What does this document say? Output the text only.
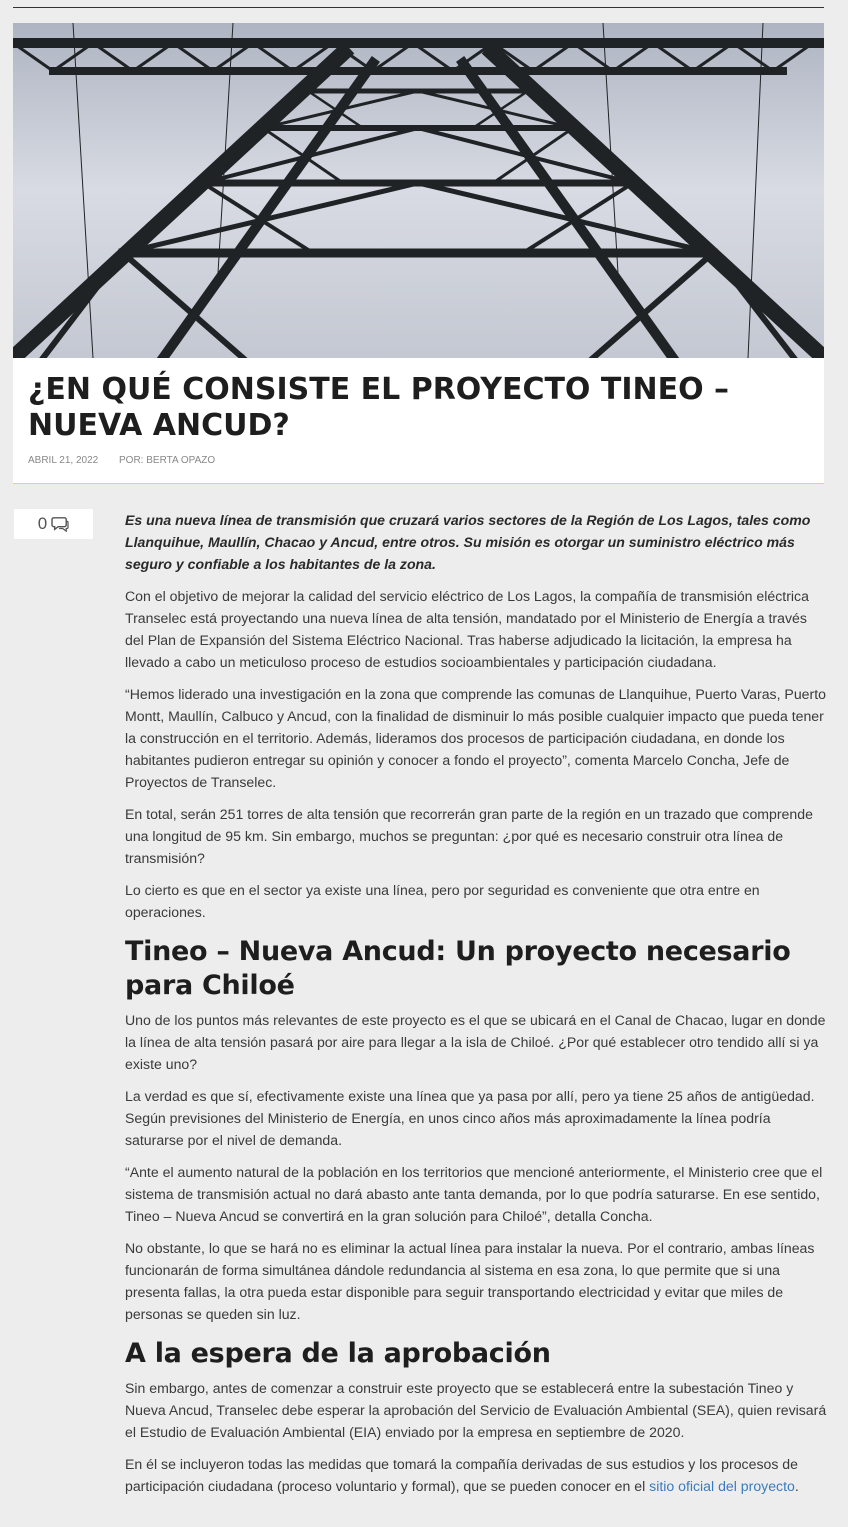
¿EN QUÉ CONSISTE EL PROYECTO TINEO – NUEVA ANCUD?
ABRIL 21, 2022 POR: BERTA OPAZO
0	Es una nueva línea de transmisión que cruzará varios sectores de la Región de Los Lagos, tales como Llanquihue, Maullín, Chacao y Ancud, entre otros. Su misión es otorgar un suministro eléctrico más seguro y confiable a los habitantes de la zona.

Con el objetivo de mejorar la calidad del servicio eléctrico de Los Lagos, la compañía de transmisión eléctrica Transelec está proyectando una nueva línea de alta tensión, mandatado por el Ministerio de Energía a través del Plan de Expansión del Sistema Eléctrico Nacional. Tras haberse adjudicado la licitación, la empresa ha llevado a cabo un meticuloso proceso de estudios socioambientales y participación ciudadana.

“Hemos liderado una investigación en la zona que comprende las comunas de Llanquihue, Puerto Varas, Puerto Montt, Maullín, Calbuco y Ancud, con la finalidad de disminuir lo más posible cualquier impacto que pueda tener la construcción en el territorio. Además, lideramos dos procesos de participación ciudadana, en donde los habitantes pudieron entregar su opinión y conocer a fondo el proyecto”, comenta Marcelo Concha, Jefe de Proyectos de Transelec.

En total, serán 251 torres de alta tensión que recorrerán gran parte de la región en un trazado que comprende una longitud de 95 km. Sin embargo, muchos se preguntan: ¿por qué es necesario construir otra línea de transmisión?

Lo cierto es que en el sector ya existe una línea, pero por seguridad es conveniente que otra entre en operaciones.

Tineo – Nueva Ancud: Un proyecto necesario para Chiloé

Uno de los puntos más relevantes de este proyecto es el que se ubicará en el Canal de Chacao, lugar en donde la línea de alta tensión pasará por aire para llegar a la isla de Chiloé. ¿Por qué establecer otro tendido allí si ya existe uno?

La verdad es que sí, efectivamente existe una línea que ya pasa por allí, pero ya tiene 25 años de antigüedad. Según previsiones del Ministerio de Energía, en unos cinco años más aproximadamente la línea podría saturarse por el nivel de demanda.

“Ante el aumento natural de la población en los territorios que mencioné anteriormente, el Ministerio cree que el sistema de transmisión actual no dará abasto ante tanta demanda, por lo que podría saturarse. En ese sentido, Tineo – Nueva Ancud se convertirá en la gran solución para Chiloé”, detalla Concha.

No obstante, lo que se hará no es eliminar la actual línea para instalar la nueva. Por el contrario, ambas líneas funcionarán de forma simultánea dándole redundancia al sistema en esa zona, lo que permite que si una presenta fallas, la otra pueda estar disponible para seguir transportando electricidad y evitar que miles de personas se queden sin luz.

A la espera de la aprobación

Sin embargo, antes de comenzar a construir este proyecto que se establecerá entre la subestación Tineo y Nueva Ancud, Transelec debe esperar la aprobación del Servicio de Evaluación Ambiental (SEA), quien revisará el Estudio de Evaluación Ambiental (EIA) enviado por la empresa en septiembre de 2020.

En él se incluyeron todas las medidas que tomará la compañía derivadas de sus estudios y los procesos de participación ciudadana (proceso voluntario y formal), que se pueden conocer en el sitio oficial del proyecto.
